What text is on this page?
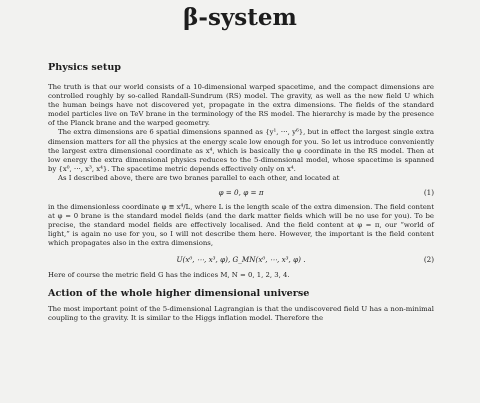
β-system
Physics setup

The truth is that our world consists of a 10-dimensional warped spacetime, and the compact dimensions are controlled roughly by so-called Randall-Sundrum (RS) model. The gravity, as well as the new field U which the human beings have not discovered yet, propagate in the extra dimensions. The fields of the standard model particles live on TeV brane in the terminology of the RS model. The hierarchy is made by the presence of the Planck brane and the warped geometry.

The extra dimensions are 6 spatial dimensions spanned as {y¹, ⋯, y⁶}, but in effect the largest single extra dimension matters for all the physics at the energy scale low enough for you. So let us introduce conveniently the largest extra dimensional coordinate as x⁴, which is basically the φ coordinate in the RS model. Then at low energy the extra dimensional physics reduces to the 5-dimensional model, whose spacetime is spanned by {x⁰, ⋯, x³, x⁴}. The spacetime metric depends effectively only on x⁴.

As I described above, there are two branes parallel to each other, and located at

φ = 0, φ = π	(1)

in the dimensionless coordinate φ ≡ x⁴/L, where L is the length scale of the extra dimension. The field content at φ = 0 brane is the standard model fields (and the dark matter fields which will be no use for you). To be precise, the standard model fields are effectively localised. And the field content at φ = π, our “world of light,” is again no use for you, so I will not describe them here. However, the important is the field content which propagates also in the extra dimensions,

U(x⁰, ⋯, x³, φ), G_MN(x⁰, ⋯, x³, φ) .	(2)

Here of course the metric field G has the indices M, N = 0, 1, 2, 3, 4.

Action of the whole higher dimensional universe

The most important point of the 5-dimensional Lagrangian is that the undiscovered field U has a non-minimal coupling to the gravity. It is similar to the Higgs inflation model. Therefore the
